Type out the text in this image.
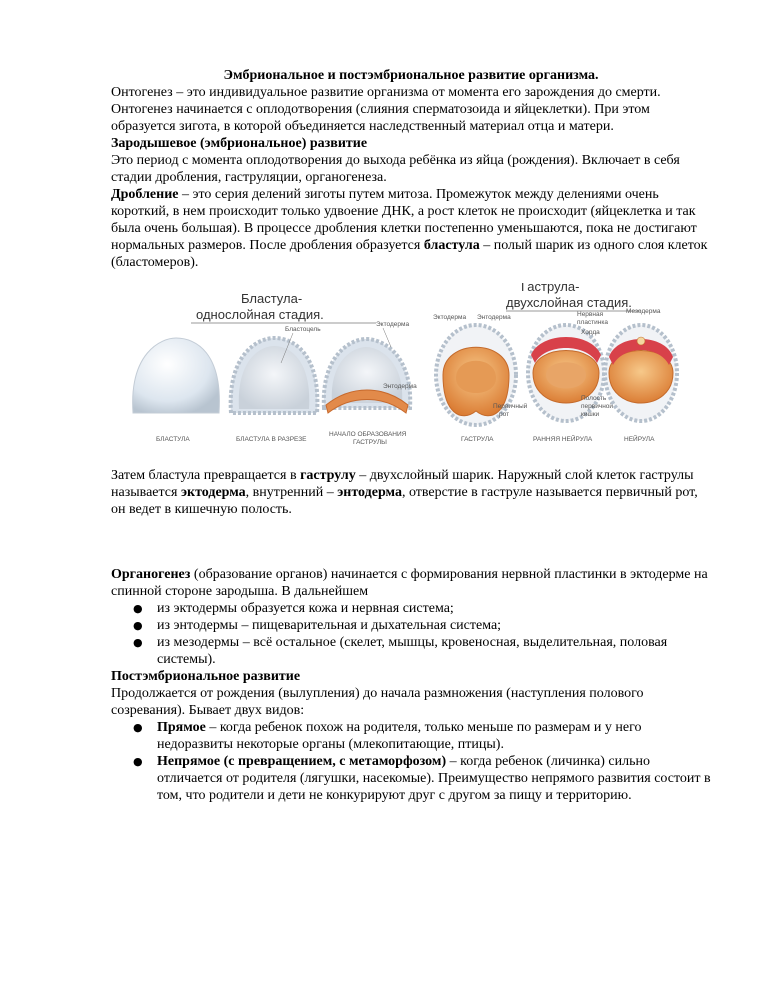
Эмбриональное и постэмбриональное развитие организма.

Онтогенез – это индивидуальное развитие организма от момента его зарождения до смерти. Онтогенез начинается с оплодотворения (слияния сперматозоида и яйцеклетки). При этом образуется зигота, в которой объединяется наследственный материал отца и матери.

Зародышевое (эмбриональное) развитие

Это период с момента оплодотворения до выхода ребёнка из яйца (рождения). Включает в себя стадии дробления, гаструляции, органогенеза.

Дробление – это серия делений зиготы путем митоза. Промежуток между делениями очень короткий, в нем происходит только удвоение ДНК, а рост клеток не происходит (яйцеклетка и так была очень большая). В процессе дробления клетки постепенно уменьшаются, пока не достигают нормальных размеров. После дробления образуется бластула – полый шарик из одного слоя клеток (бластомеров).

Бластула-
однослойная стадия.
Гаструла-
двухслойная стадия.
Бластоцель
Эктодерма
Энтодерма
БЛАСТУЛА	БЛАСТУЛА В РАЗРЕЗЕ
НАЧАЛО ОБРАЗОВАНИЯ
ГАСТРУЛЫ
Эктодерма Энтодерма
Первичный
рот
Нервная
пластинка
Хорда
Полость
первичной
кишки
Мезодерма
ГАСТРУЛА	РАННЯЯ НЕЙРУЛА	НЕЙРУЛА

Затем бластула превращается в гаструлу – двухслойный шарик. Наружный слой клеток гаструлы называется эктодерма, внутренний – энтодерма, отверстие в гаструле называется первичный рот, он ведет в кишечную полость.

Органогенез (образование органов) начинается с формирования нервной пластинки в эктодерме на спинной стороне зародыша. В дальнейшем

● из эктодермы образуется кожа и нервная система;
● из энтодермы – пищеварительная и дыхательная система;
● из мезодермы – всё остальное (скелет, мышцы, кровеносная, выделительная, половая системы).

Постэмбриональное развитие

Продолжается от рождения (вылупления) до начала размножения (наступления полового созревания). Бывает двух видов:

● Прямое – когда ребенок похож на родителя, только меньше по размерам и у него недоразвиты некоторые органы (млекопитающие, птицы).
● Непрямое (с превращением, с метаморфозом) – когда ребенок (личинка) сильно отличается от родителя (лягушки, насекомые). Преимущество непрямого развития состоит в том, что родители и дети не конкурируют друг с другом за пищу и территорию.
